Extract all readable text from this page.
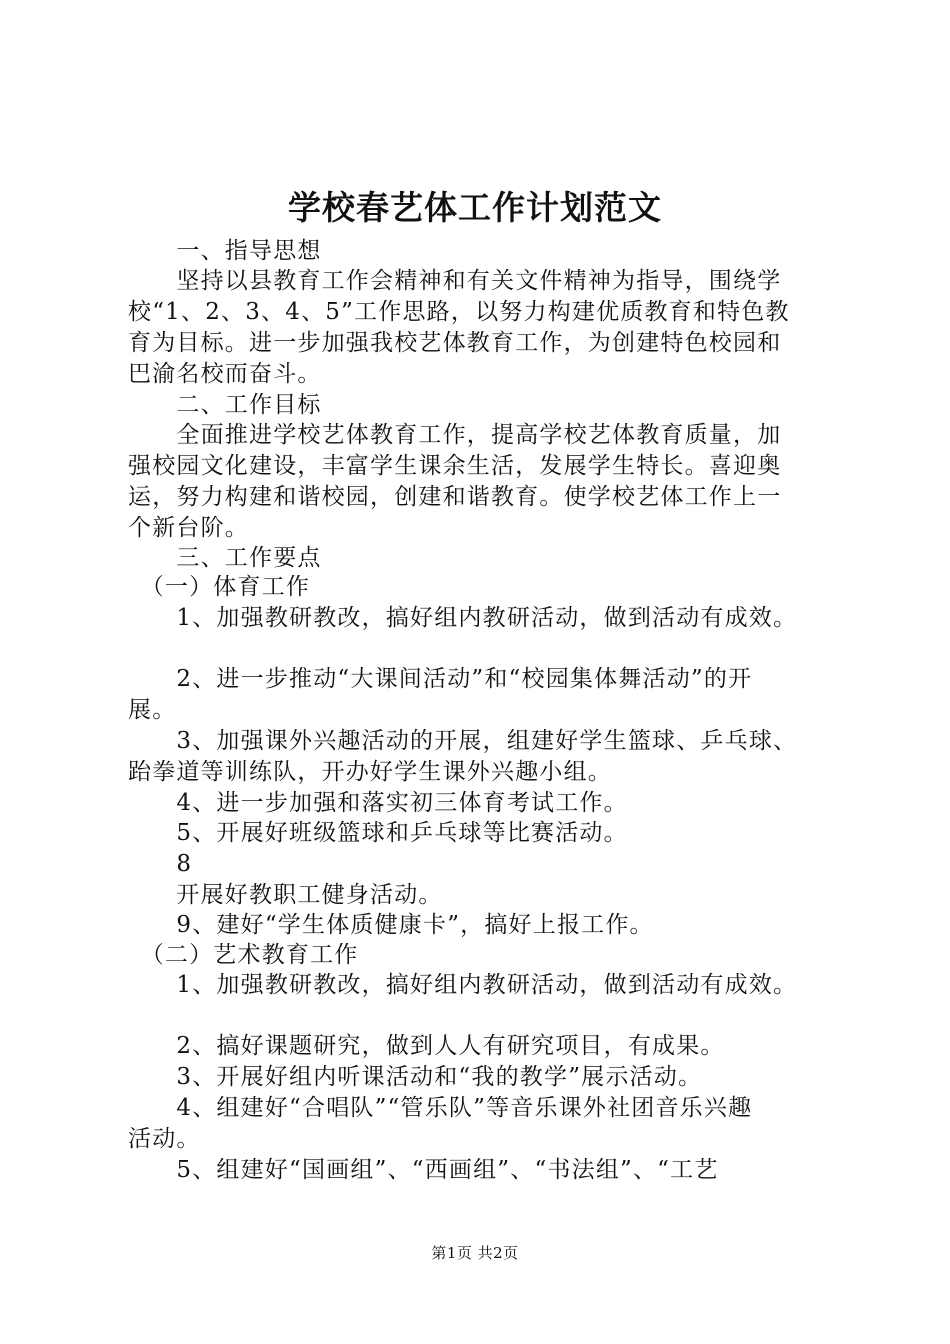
学校春艺体工作计划范文
　　一、指导思想
　　坚持以县教育工作会精神和有关文件精神为指导，围绕学
校“1、2、3、4、5”工作思路，以努力构建优质教育和特色教
育为目标。进一步加强我校艺体教育工作，为创建特色校园和
巴渝名校而奋斗。
　　二、工作目标
　　全面推进学校艺体教育工作，提高学校艺体教育质量，加
强校园文化建设，丰富学生课余生活，发展学生特长。喜迎奥
运，努力构建和谐校园，创建和谐教育。使学校艺体工作上一
个新台阶。
　　三、工作要点
　（一）体育工作
　　1、加强教研教改，搞好组内教研活动，做到活动有成效。
　　2、进一步推动“大课间活动”和“校园集体舞活动”的开
展。
　　3、加强课外兴趣活动的开展，组建好学生篮球、乒乓球、
跆拳道等训练队，开办好学生课外兴趣小组。
　　4、进一步加强和落实初三体育考试工作。
　　5、开展好班级篮球和乒乓球等比赛活动。
　　8
　　开展好教职工健身活动。
　　9、建好“学生体质健康卡”，搞好上报工作。
　（二）艺术教育工作
　　1、加强教研教改，搞好组内教研活动，做到活动有成效。
　　2、搞好课题研究，做到人人有研究项目，有成果。
　　3、开展好组内听课活动和“我的教学”展示活动。
　　4、组建好“合唱队”“管乐队”等音乐课外社团音乐兴趣
活动。
　　5、组建好“国画组”、“西画组”、“书法组”、“工艺
第1页 共2页
